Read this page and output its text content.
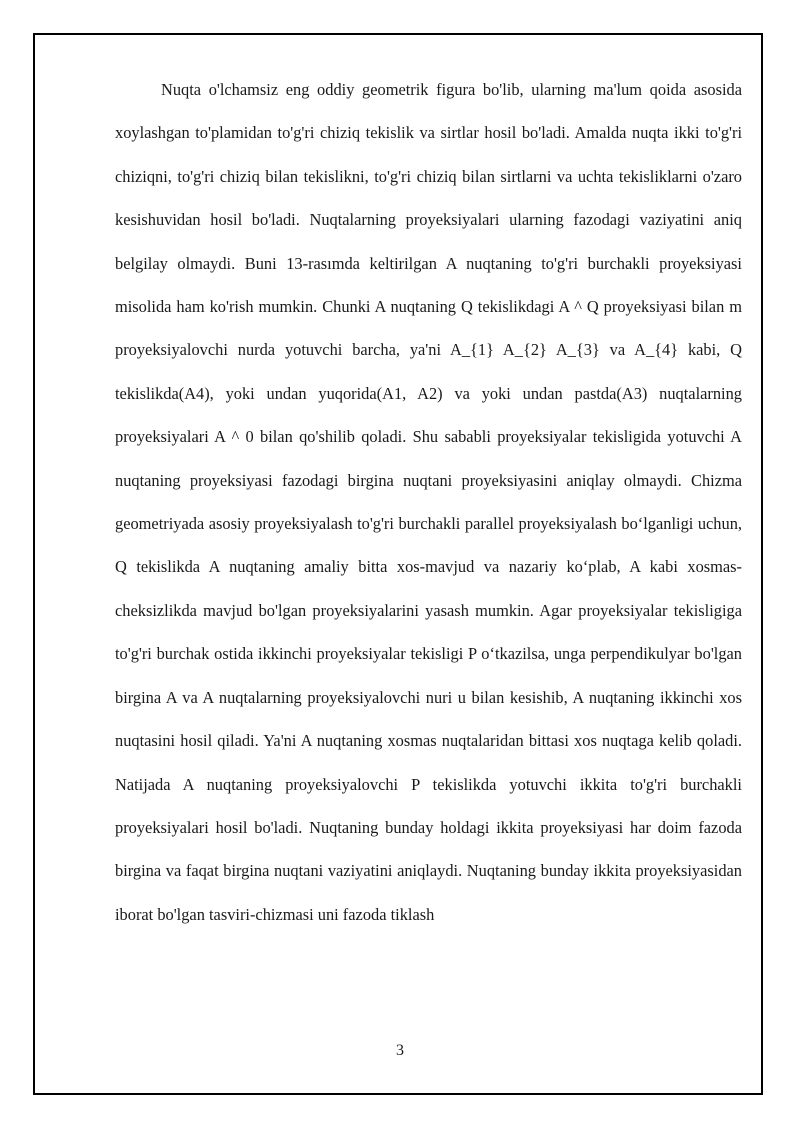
Nuqta o'lchamsiz eng oddiy geometrik figura bo'lib, ularning ma'lum qoida asosida xoylashgan to'plamidan to'g'ri chiziq tekislik va sirtlar hosil bo'ladi. Amalda nuqta ikki to'g'ri chiziqni, to'g'ri chiziq bilan tekislikni, to'g'ri chiziq bilan sirtlarni va uchta tekisliklarni o'zaro kesishuvidan hosil bo'ladi. Nuqtalarning proyeksiyalari ularning fazodagi vaziyatini aniq belgilay olmaydi. Buni 13-rasımda keltirilgan A nuqtaning to'g'ri burchakli proyeksiyasi misolida ham ko'rish mumkin. Chunki A nuqtaning Q tekislikdagi A ^ Q proyeksiyasi bilan m proyeksiyalovchi nurda yotuvchi barcha, ya'ni A_{1} A_{2} A_{3} va A_{4} kabi, Q tekislikda(A4), yoki undan yuqorida(A1, A2) va yoki undan pastda(A3) nuqtalarning proyeksiyalari A ^ 0 bilan qo'shilib qoladi. Shu sababli proyeksiyalar tekisligida yotuvchi A nuqtaning proyeksiyasi fazodagi birgina nuqtani proyeksiyasini aniqlay olmaydi. Chizma geometriyada asosiy proyeksiyalash to'g'ri burchakli parallel proyeksiyalash bo‘lganligi uchun, Q tekislikda A nuqtaning amaliy bitta xos-mavjud va nazariy ko‘plab, A kabi xosmas-cheksizlikda mavjud bo'lgan proyeksiyalarini yasash mumkin. Agar proyeksiyalar tekisligiga to'g'ri burchak ostida ikkinchi proyeksiyalar tekisligi P o‘tkazilsa, unga perpendikulyar bo'lgan birgina A va A nuqtalarning proyeksiyalovchi nuri u bilan kesishib, A nuqtaning ikkinchi xos nuqtasini hosil qiladi. Ya'ni A nuqtaning xosmas nuqtalaridan bittasi xos nuqtaga kelib qoladi. Natijada A nuqtaning proyeksiyalovchi P tekislikda yotuvchi ikkita to'g'ri burchakli proyeksiyalari hosil bo'ladi. Nuqtaning bunday holdagi ikkita proyeksiyasi har doim fazoda birgina va faqat birgina nuqtani vaziyatini aniqlaydi. Nuqtaning bunday ikkita proyeksiyasidan iborat bo'lgan tasviri-chizmasi uni fazoda tiklash

3
